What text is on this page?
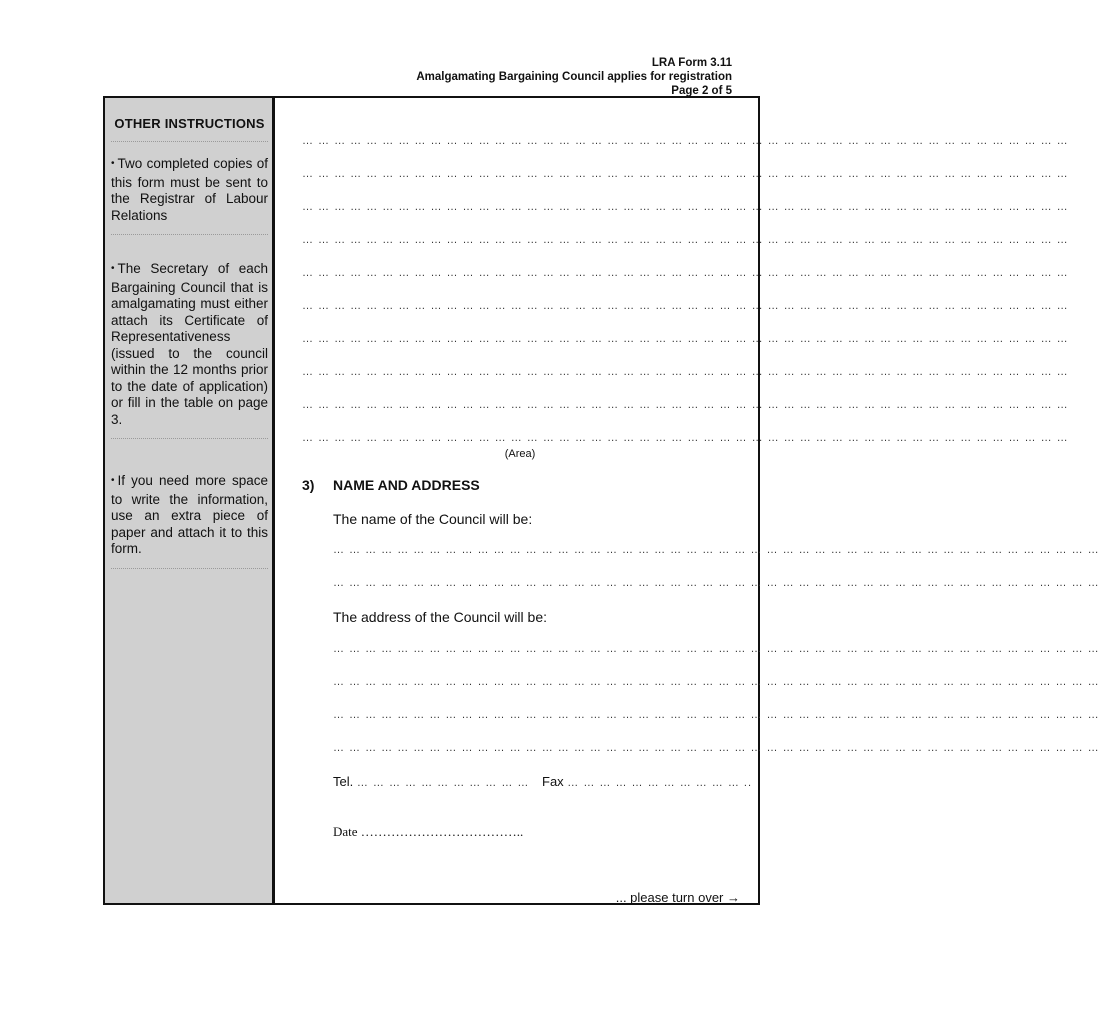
LRA Form 3.11
Amalgamating Bargaining Council applies for registration
Page 2 of 5
OTHER INSTRUCTIONS
• Two completed copies of this form must be sent to the Registrar of Labour Relations
• The Secretary of each Bargaining Council that is amalgamating must either attach its Certificate of Representativeness (issued to the council within the 12 months prior to the date of application) or fill in the table on page 3.
• If you need more space to write the information, use an extra piece of paper and attach it to this form.
… … … … … … … … … … … … … … … … … … … … … … … … … … … … … … … … … … … … … … … … … … … … … … … …
… … … … … … … … … … … … … … … … … … … … … … … … … … … … … … … … … … … … … … … … … … … … … … … …
… … … … … … … … … … … … … … … … … … … … … … … … … … … … … … … … … … … … … … … … … … … … … … … …
… … … … … … … … … … … … … … … … … … … … … … … … … … … … … … … … … … … … … … … … … … … … … … … …
… … … … … … … … … … … … … … … … … … … … … … … … … … … … … … … … … … … … … … … … … … … … … … … …
… … … … … … … … … … … … … … … … … … … … … … … … … … … … … … … … … … … … … … … … … … … … … … … …
… … … … … … … … … … … … … … … … … … … … … … … … … … … … … … … … … … … … … … … … … … … … … … … …
… … … … … … … … … … … … … … … … … … … … … … … … … … … … … … … … … … … … … … … … … … … … … … … …
… … … … … … … … … … … … … … … … … … … … … … … … … … … … … … … … … … … … … … … … … … … … … … … …
… … … … … … … … … … … … … … … … … … … … … … … … … … … … … … … … … … … … … … … … … … … … … … … …
(Area)
3) NAME AND ADDRESS
The name of the Council will be:
… … … … … … … … … … … … … … … … … … … … … … … … … … … … … … … … … … … … … … … … … … … … … … … …
… … … … … … … … … … … … … … … … … … … … … … … … … … … … … … … … … … … … … … … … … … … … … … … …
The address of the Council will be:
… … … … … … … … … … … … … … … … … … … … … … … … … … … … … … … … … … … … … … … … … … … … … … … …
… … … … … … … … … … … … … … … … … … … … … … … … … … … … … … … … … … … … … … … … … … … … … … … …
… … … … … … … … … … … … … … … … … … … … … … … … … … … … … … … … … … … … … … … … … … … … … … … …
… … … … … … … … … … … … … … … … … … … … … … … … … … … … … … … … … … … … … … … … … … … … … … … …
Tel. … … … … … … … … … … … Fax … … … … … … … … … … … ..
Date ………………………………..
... please turn over →
